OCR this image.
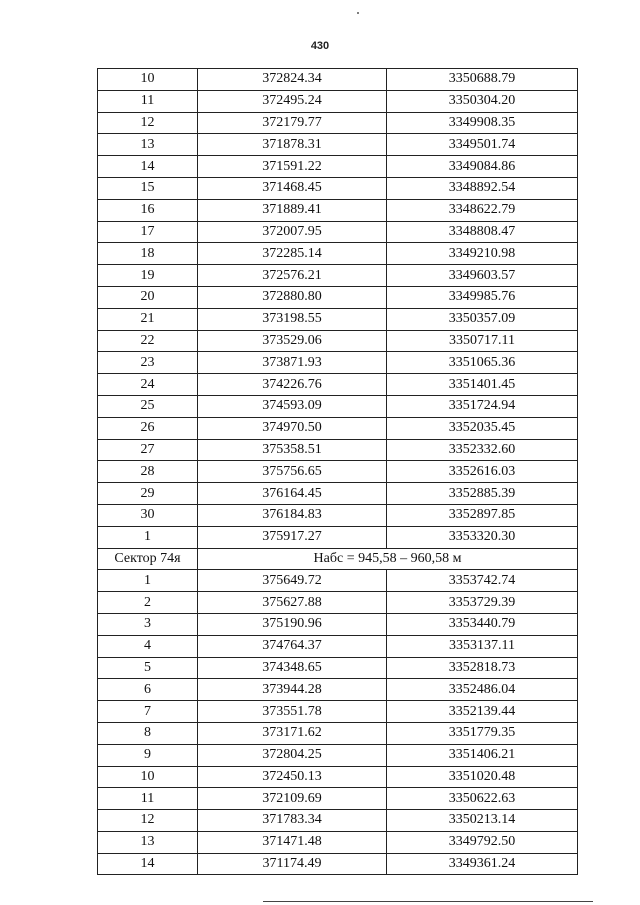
430
10	372824.34	3350688.79
11	372495.24	3350304.20
12	372179.77	3349908.35
13	371878.31	3349501.74
14	371591.22	3349084.86
15	371468.45	3348892.54
16	371889.41	3348622.79
17	372007.95	3348808.47
18	372285.14	3349210.98
19	372576.21	3349603.57
20	372880.80	3349985.76
21	373198.55	3350357.09
22	373529.06	3350717.11
23	373871.93	3351065.36
24	374226.76	3351401.45
25	374593.09	3351724.94
26	374970.50	3352035.45
27	375358.51	3352332.60
28	375756.65	3352616.03
29	376164.45	3352885.39
30	376184.83	3352897.85
1	375917.27	3353320.30
Сектор 74я	Набс = 945,58 – 960,58 м	
1	375649.72	3353742.74
2	375627.88	3353729.39
3	375190.96	3353440.79
4	374764.37	3353137.11
5	374348.65	3352818.73
6	373944.28	3352486.04
7	373551.78	3352139.44
8	373171.62	3351779.35
9	372804.25	3351406.21
10	372450.13	3351020.48
11	372109.69	3350622.63
12	371783.34	3350213.14
13	371471.48	3349792.50
14	371174.49	3349361.24
